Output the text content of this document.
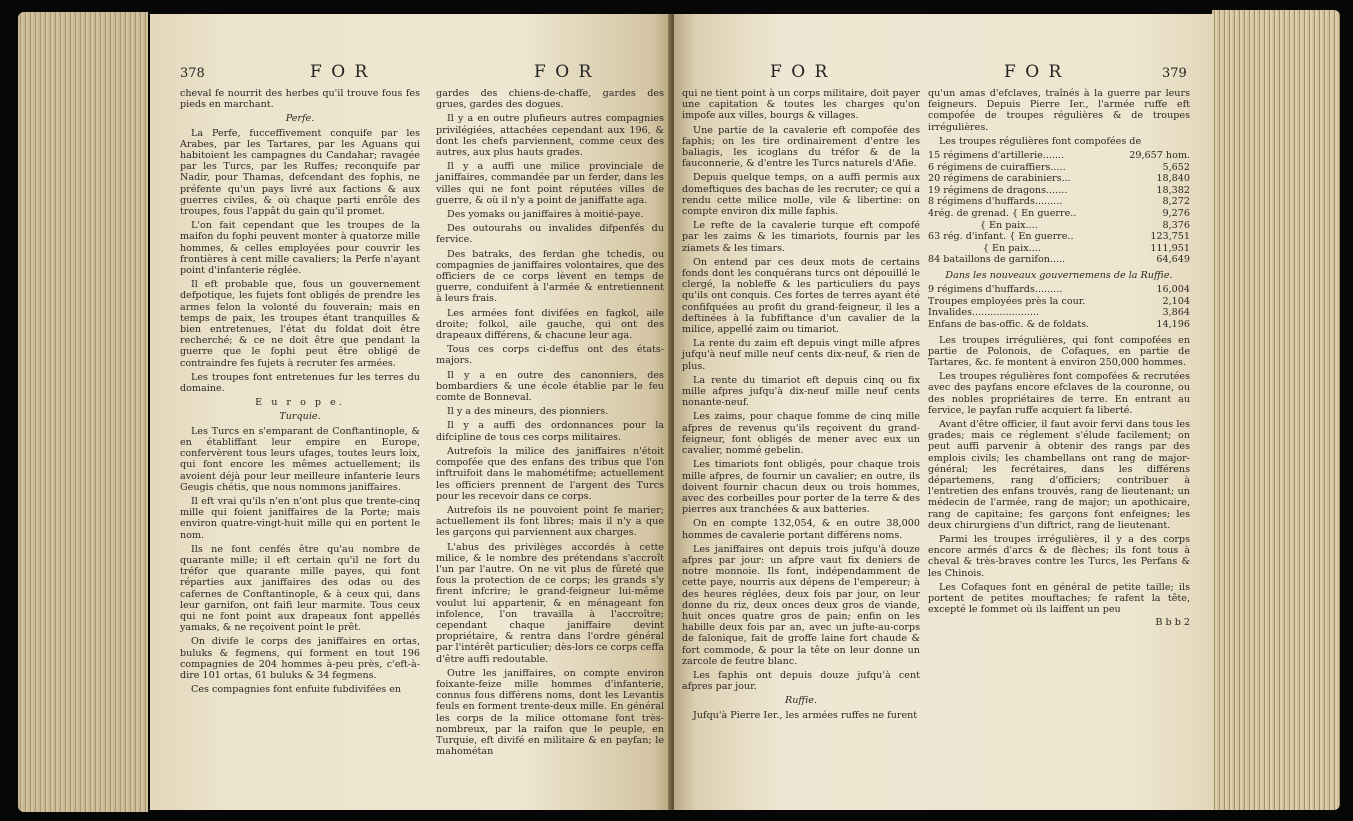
378	F O R	F O R

cheval fe nourrit des herbes qu'il trouve fous fes pieds en marchant.

Perfe.

La Perfe, fucceffivement conquife par les Arabes, par les Tartares, par les Aguans qui habitoient les campagnes du Candahar; ravagée par les Turcs, par les Ruffes; reconquife par Nadir, pour Thamas, defcendant des fophis, ne préfente qu'un pays livré aux factions & aux guerres civiles, & où chaque parti enrôle des troupes, fous l'appât du gain qu'il promet.

L'on fait cependant que les troupes de la maifon du fophi peuvent monter à quatorze mille hommes, & celles employées pour couvrir les frontières à cent mille cavaliers; la Perfe n'ayant point d'infanterie réglée.

Il eft probable que, fous un gouvernement defpotique, les fujets font obligés de prendre les armes felon la volonté du fouverain; mais en temps de paix, les troupes étant tranquilles & bien entretenues, l'état du foldat doit être recherché; & ce ne doit être que pendant la guerre que le fophi peut être obligé de contraindre fes fujets à recruter fes armées.

Les troupes font entretenues fur les terres du domaine.

E u r o p e.

Turquie.

Les Turcs en s'emparant de Conftantinople, & en établiffant leur empire en Europe, confervèrent tous leurs ufages, toutes leurs loix, qui font encore les mêmes actuellement; ils avoient déjà pour leur meilleure infanterie leurs Geugis chétis, que nous nommons janiffaires.

Il eft vrai qu'ils n'en n'ont plus que trente-cinq mille qui foient janiffaires de la Porte; mais environ quatre-vingt-huit mille qui en portent le nom.

Ils ne font cenfés être qu'au nombre de quarante mille; il eft certain qu'il ne fort du tréfor que quarante mille payes, qui font réparties aux janiffaires des odas ou des cafernes de Conftantinople, & à ceux qui, dans leur garnifon, ont faifi leur marmite. Tous ceux qui ne font point aux drapeaux font appellés yamaks, & ne reçoivent point le prêt.

On divife le corps des janiffaires en ortas, buluks & fegmens, qui forment en tout 196 compagnies de 204 hommes à-peu près, c'eft-à-dire 101 ortas, 61 buluks & 34 fegmens.

Ces compagnies font enfuite fubdivifées en

gardes des chiens-de-chaffe, gardes des grues, gardes des dogues.

Il y a en outre plufieurs autres compagnies privilégiées, attachées cependant aux 196, & dont les chefs parviennent, comme ceux des autres, aux plus hauts grades.

Il y a auffi une milice provinciale de janiffaires, commandée par un ferder, dans les villes qui ne font point réputées villes de guerre, & où il n'y a point de janiffatte aga.

Des yomaks ou janiffaires à moitié-paye.

Des outourahs ou invalides difpenfés du fervice.

Des batraks, des ferdan ghe tchedis, ou compagnies de janiffaires volontaires, que des officiers de ce corps lèvent en temps de guerre, conduifent à l'armée & entretiennent à leurs frais.

Les armées font divifées en fagkol, aile droite; folkol, aile gauche, qui ont des drapeaux différens, & chacune leur aga.

Tous ces corps ci-deffus ont des états-majors.

Il y a en outre des canonniers, des bombardiers & une école établie par le feu comte de Bonneval.

Il y a des mineurs, des pionniers.

Il y a auffi des ordonnances pour la difcipline de tous ces corps militaires.

Autrefois la milice des janiffaires n'étoit compofée que des enfans des tribus que l'on inftruifoit dans le mahométifme; actuellement les officiers prennent de l'argent des Turcs pour les recevoir dans ce corps.

Autrefois ils ne pouvoient point fe marier; actuellement ils font libres; mais il n'y a que les garçons qui parviennent aux charges.

L'abus des privilèges accordés à cette milice, & le nombre des prétendans s'accroît l'un par l'autre. On ne vit plus de fûreté que fous la protection de ce corps; les grands s'y firent infcrire; le grand-feigneur lui-même voulut lui appartenir, & en ménageant fon infolence, l'on travailla à l'accroître; cependant chaque janiffaire devint propriétaire, & rentra dans l'ordre général par l'intérêt particulier; dès-lors ce corps ceffa d'être auffi redoutable.

Outre les janiffaires, on compte environ foixante-feize mille hommes d'infanterie, connus fous différens noms, dont les Levantis feuls en forment trente-deux mille. En général les corps de la milice ottomane font très-nombreux, par la raifon que le peuple, en Turquie, eft divifé en militaire & en payfan; le mahométan

F O R	F O R	379

qui ne tient point à un corps militaire, doit payer une capitation & toutes les charges qu'on impofe aux villes, bourgs & villages.

Une partie de la cavalerie eft compofée des faphis; on les tire ordinairement d'entre les baliagis, les icoglans du tréfor & de la fauconnerie, & d'entre les Turcs naturels d'Afie.

Depuis quelque temps, on a auffi permis aux domeftiques des bachas de les recruter; ce qui a rendu cette milice molle, vile & libertine: on compte environ dix mille faphis.

Le refte de la cavalerie turque eft compofé par les zaims & les timariots, fournis par les ziamets & les timars.

On entend par ces deux mots de certains fonds dont les conquérans turcs ont dépouillé le clergé, la nobleffe & les particuliers du pays qu'ils ont conquis. Ces fortes de terres ayant été confifquées au profit du grand-feigneur, il les a deftinées à la fubfiftance d'un cavalier de la milice, appellé zaim ou timariot.

La rente du zaim eft depuis vingt mille afpres jufqu'à neuf mille neuf cents dix-neuf, & rien de plus.

La rente du timariot eft depuis cinq ou fix mille afpres jufqu'à dix-neuf mille neuf cents nonante-neuf.

Les zaims, pour chaque fomme de cinq mille afpres de revenus qu'ils reçoivent du grand-feigneur, font obligés de mener avec eux un cavalier, nommé gebelin.

Les timariots font obligés, pour chaque trois mille afpres, de fournir un cavalier; en outre, ils doivent fournir chacun deux ou trois hommes, avec des corbeilles pour porter de la terre & des pierres aux tranchées & aux batteries.

On en compte 132,054, & en outre 38,000 hommes de cavalerie portant différens noms.

Les janiffaires ont depuis trois jufqu'à douze afpres par jour: un afpre vaut fix deniers de notre monnoie. Ils font, indépendamment de cette paye, nourris aux dépens de l'empereur; à des heures réglées, deux fois par jour, on leur donne du riz, deux onces deux gros de viande, huit onces quatre gros de pain; enfin on les habille deux fois par an, avec un jufte-au-corps de falonique, fait de groffe laine fort chaude & fort commode, & pour la tête on leur donne un zarcole de feutre blanc.

Les faphis ont depuis douze jufqu'à cent afpres par jour.

Ruffie.

Jufqu'à Pierre Ier., les armées ruffes ne furent

qu'un amas d'efclaves, traînés à la guerre par leurs feigneurs. Depuis Pierre Ier., l'armée ruffe eft compofée de troupes régulières & de troupes irrégulières.

Les troupes régulières font compofées de

15 régimens d'artillerie.......	29,657 hom.
6 régimens de cuiraffiers.....	5,652
20 régimens de carabiniers...	18,840
19 régimens de dragons.......	18,382
8 régimens d'huffards.........	8,272
4rég. de grenad. { En guerre..	9,276
{ En paix....	8,376
63 rég. d'infant. { En guerre..	123,751
{ En paix....	111,951
84 bataillons de garnifon.....	64,649

Dans les nouveaux gouvernemens de la Ruffie.

9 régimens d'huffards.........	16,004
Troupes employées près la cour.	2,104
Invalides......................	3,864
Enfans de bas-offic. & de foldats.	14,196

Les troupes irrégulières, qui font compofées en partie de Polonois, de Cofaques, en partie de Tartares, &c. fe montent à environ 250,000 hommes.

Les troupes régulières font compofées & recrutées avec des payfans encore efclaves de la couronne, ou des nobles propriétaires de terre. En entrant au fervice, le payfan ruffe acquiert fa liberté.

Avant d'être officier, il faut avoir fervi dans tous les grades; mais ce réglement s'élude facilement; on peut auffi parvenir à obtenir des rangs par des emplois civils; les chambellans ont rang de major-général; les fecrétaires, dans les différens départemens, rang d'officiers; contribuer à l'entretien des enfans trouvés, rang de lieutenant; un médecin de l'armée, rang de major; un apothicaire, rang de capitaine; fes garçons font enfeignes; les deux chirurgiens d'un diftrict, rang de lieutenant.

Parmi les troupes irrégulières, il y a des corps encore armés d'arcs & de flèches; ils font tous à cheval & très-braves contre les Turcs, les Perfans & les Chinois.

Les Cofaques font en général de petite taille; ils portent de petites mouftaches; fe rafent la tête, excepté le fommet où ils laiffent un peu

B b b 2
